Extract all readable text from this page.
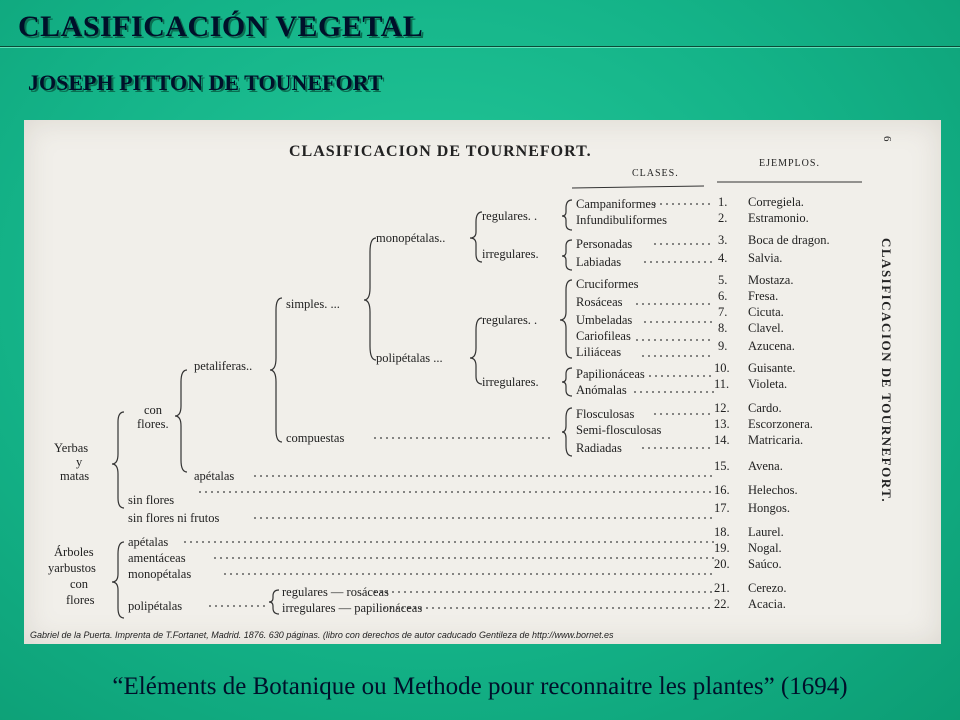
CLASIFICACIÓN VEGETAL
JOSEPH PITTON DE TOUNEFORT
CLASIFICACION DE TOURNEFORT.
6
CLASES.
EJEMPLOS.
CLASIFICACION DE TOURNEFORT.
Yerbas
y
matas
con
flores.
petaliferas..
simples. ...
monopétalas..
polipétalas ...
regulares. .
irregulares.
regulares. .
irregulares.
compuestas
apétalas
sin flores
sin flores ni frutos
Árboles
yarbustos
con
flores
apétalas
amentáceas
monopétalas
polipétalas
regulares — rosáceas
irregulares — papilionáceas
Campaniformes
Infundibuliformes
Personadas
Labiadas
Cruciformes
Rosáceas
Umbeladas
Cariofileas
Liliáceas
Papilionáceas
Anómalas
Flosculosas
Semi-flosculosas
Radiadas
1. Corregiela.
2. Estramonio.
3. Boca de dragon.
4. Salvia.
5. Mostaza.
6. Fresa.
7. Cicuta.
8. Clavel.
9. Azucena.
10. Guisante.
11. Violeta.
12. Cardo.
13. Escorzonera.
14. Matricaria.
15. Avena.
16. Helechos.
17. Hongos.
18. Laurel.
19. Nogal.
20. Saúco.
21. Cerezo.
22. Acacia.
Gabriel de la Puerta. Imprenta de T.Fortanet, Madrid. 1876. 630 páginas. (libro con derechos de autor caducado Gentileza de http://www.bornet.es
“Eléments de Botanique ou Methode pour reconnaitre les plantes” (1694)
